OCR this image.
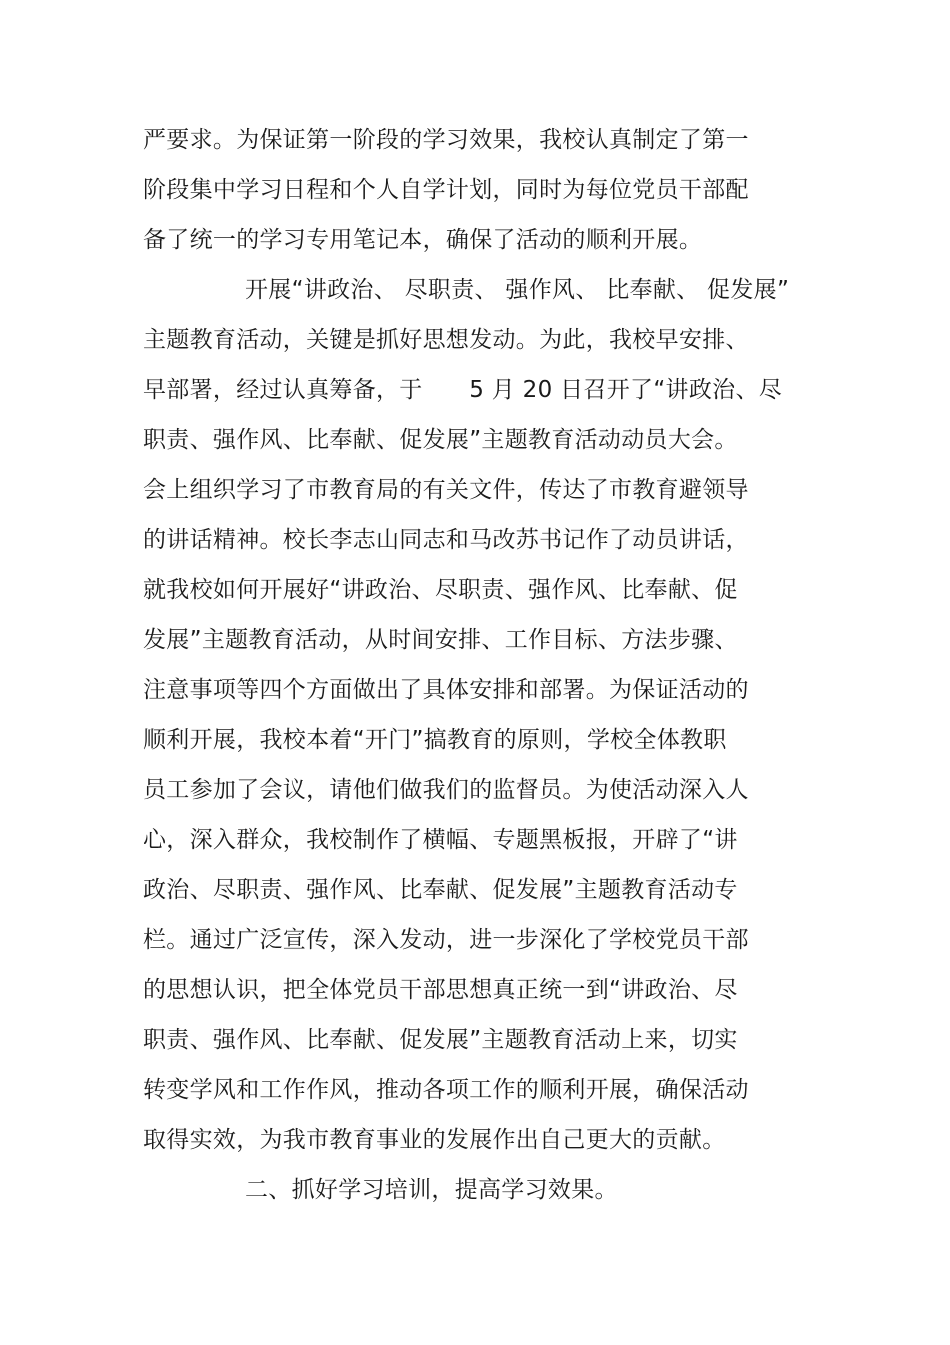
严要求。为保证第一阶段的学习效果，我校认真制定了第一
阶段集中学习日程和个人自学计划，同时为每位党员干部配
备了统一的学习专用笔记本，确保了活动的顺利开展。
开展“讲政治、 尽职责、 强作风、 比奉献、 促发展”
主题教育活动，关键是抓好思想发动。为此，我校早安排、
早部署，经过认真筹备，于　　5 月 20 日召开了“讲政治、尽
职责、强作风、比奉献、促发展”主题教育活动动员大会。
会上组织学习了市教育局的有关文件，传达了市教育避领导
的讲话精神。校长李志山同志和马改苏书记作了动员讲话，
就我校如何开展好“讲政治、尽职责、强作风、比奉献、促
发展”主题教育活动，从时间安排、工作目标、方法步骤、
注意事项等四个方面做出了具体安排和部署。为保证活动的
顺利开展，我校本着“开门”搞教育的原则，学校全体教职
员工参加了会议，请他们做我们的监督员。为使活动深入人
心，深入群众，我校制作了横幅、专题黑板报，开辟了“讲
政治、尽职责、强作风、比奉献、促发展”主题教育活动专
栏。通过广泛宣传，深入发动，进一步深化了学校党员干部
的思想认识，把全体党员干部思想真正统一到“讲政治、尽
职责、强作风、比奉献、促发展”主题教育活动上来，切实
转变学风和工作作风，推动各项工作的顺利开展，确保活动
取得实效，为我市教育事业的发展作出自己更大的贡献。
二、抓好学习培训，提高学习效果。
